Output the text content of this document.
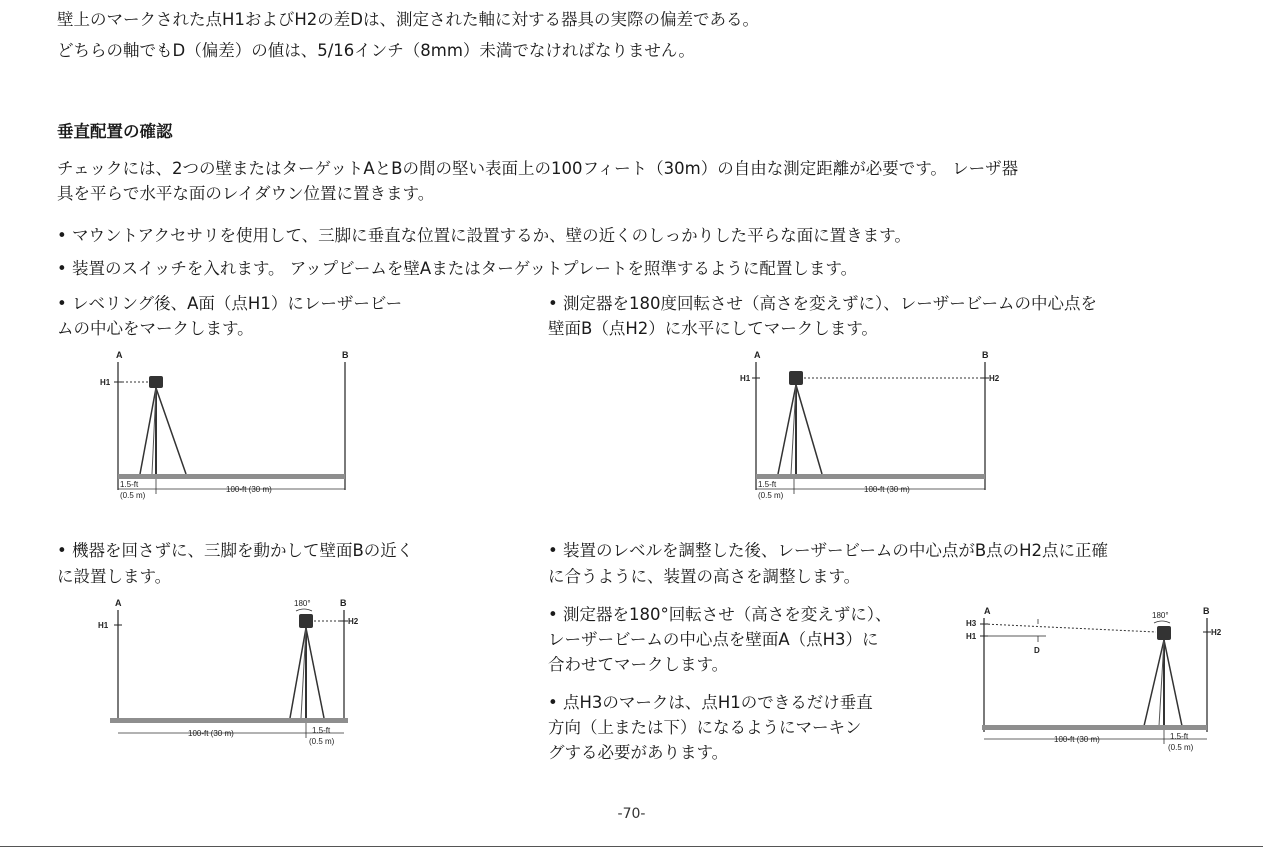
壁上のマークされた点H1およびH2の差Dは、測定された軸に対する器具の実際の偏差である。

どちらの軸でもD（偏差）の値は、5/16インチ（8mm）未満でなければなりません。

垂直配置の確認

チェックには、2つの壁またはターゲットAとBの間の堅い表面上の100フィート（30m）の自由な測定距離が必要です。 レーザ器

具を平らで水平な面のレイダウン位置に置きます。

• マウントアクセサリを使用して、三脚に垂直な位置に設置するか、壁の近くのしっかりした平らな面に置きます。

• 装置のスイッチを入れます。 アップビームを壁Aまたはターゲットプレートを照準するように配置します。

• レベリング後、A面（点H1）にレーザービー

ムの中心をマークします。

• 測定器を180度回転させ（高さを変えずに）、レーザービームの中心点を

壁面B（点H2）に水平にしてマークします。

A	B
H1
1.5-ft
(0.5 m)
100-ft (30 m)
A	B
H1	H2
1.5-ft
(0.5 m)
100-ft (30 m)

• 機器を回さずに、三脚を動かして壁面Bの近く

に設置します。

• 装置のレベルを調整した後、レーザービームの中心点がB点のH2点に正確

に合うように、装置の高さを調整します。

A	B
180°
H1	H2
100-ft (30 m)	1.5-ft
(0.5 m)

• 測定器を180°回転させ（高さを変えずに）、

レーザービームの中心点を壁面A（点H3）に

合わせてマークします。

• 点H3のマークは、点H1のできるだけ垂直

方向（上または下）になるようにマーキン

グする必要があります。

A	B
180°
H3
H1
D
H2
100-ft (30 m)	1.5-ft
(0.5 m)
-70-
